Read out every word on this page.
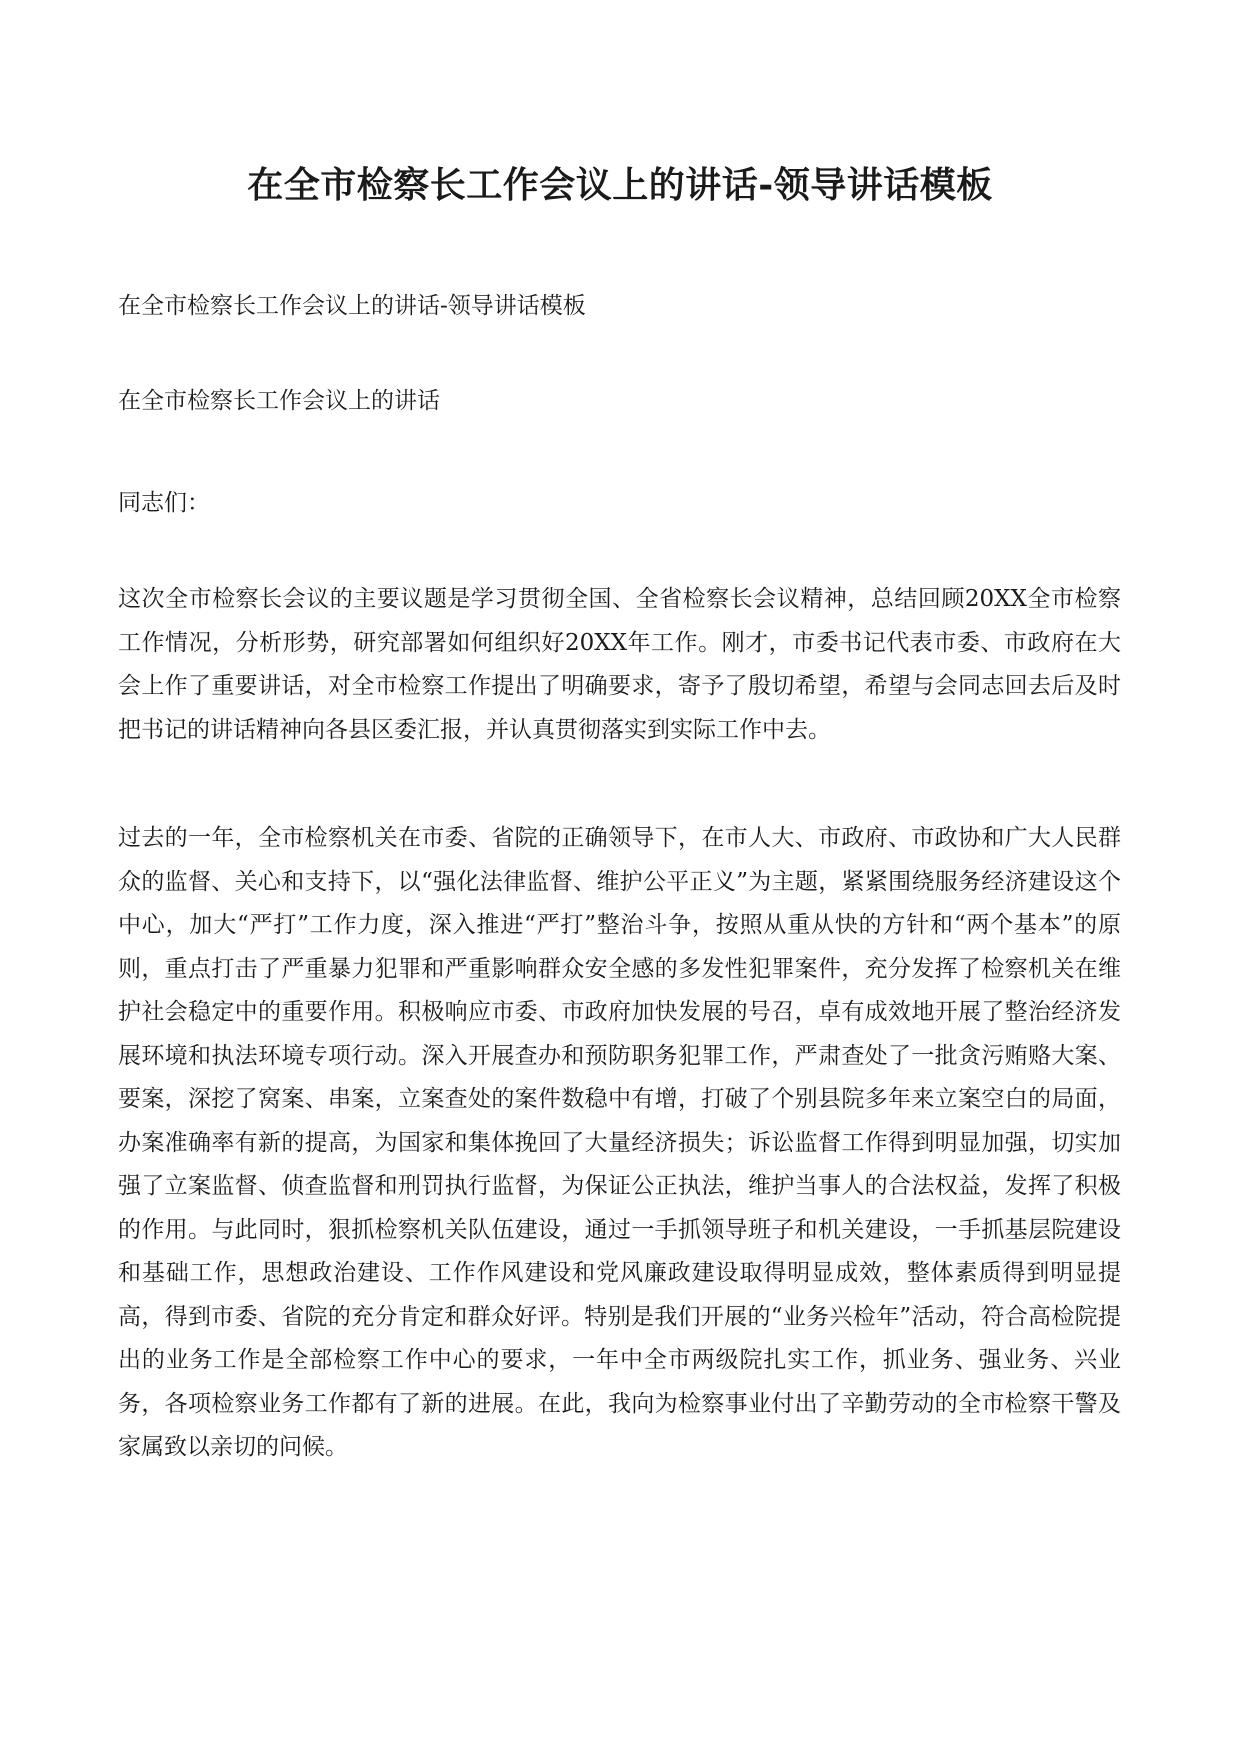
在全市检察长工作会议上的讲话-领导讲话模板

在全市检察长工作会议上的讲话-领导讲话模板

在全市检察长工作会议上的讲话

同志们：

这次全市检察长会议的主要议题是学习贯彻全国、全省检察长会议精神，总结回顾20XX全市检察工作情况，分析形势，研究部署如何组织好20XX年工作。刚才，市委书记代表市委、市政府在大会上作了重要讲话，对全市检察工作提出了明确要求，寄予了殷切希望，希望与会同志回去后及时把书记的讲话精神向各县区委汇报，并认真贯彻落实到实际工作中去。

过去的一年，全市检察机关在市委、省院的正确领导下，在市人大、市政府、市政协和广大人民群众的监督、关心和支持下，以“强化法律监督、维护公平正义”为主题，紧紧围绕服务经济建设这个中心，加大“严打”工作力度，深入推进“严打”整治斗争，按照从重从快的方针和“两个基本”的原则，重点打击了严重暴力犯罪和严重影响群众安全感的多发性犯罪案件，充分发挥了检察机关在维护社会稳定中的重要作用。积极响应市委、市政府加快发展的号召，卓有成效地开展了整治经济发展环境和执法环境专项行动。深入开展查办和预防职务犯罪工作，严肃查处了一批贪污贿赂大案、要案，深挖了窝案、串案，立案查处的案件数稳中有增，打破了个别县院多年来立案空白的局面，办案准确率有新的提高，为国家和集体挽回了大量经济损失；诉讼监督工作得到明显加强，切实加强了立案监督、侦查监督和刑罚执行监督，为保证公正执法，维护当事人的合法权益，发挥了积极的作用。与此同时，狠抓检察机关队伍建设，通过一手抓领导班子和机关建设，一手抓基层院建设和基础工作，思想政治建设、工作作风建设和党风廉政建设取得明显成效，整体素质得到明显提高，得到市委、省院的充分肯定和群众好评。特别是我们开展的“业务兴检年”活动，符合高检院提出的业务工作是全部检察工作中心的要求，一年中全市两级院扎实工作，抓业务、强业务、兴业务，各项检察业务工作都有了新的进展。在此，我向为检察事业付出了辛勤劳动的全市检察干警及家属致以亲切的问候。
